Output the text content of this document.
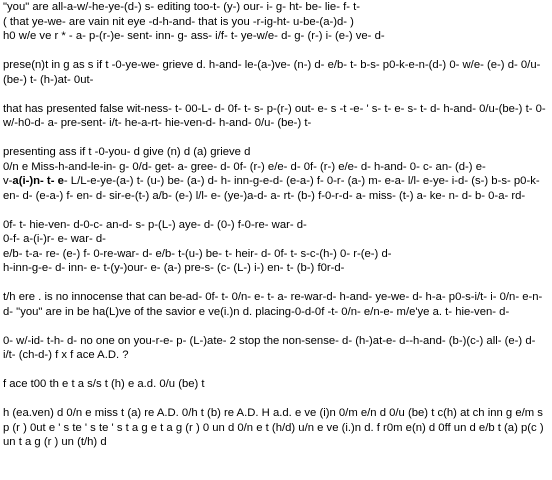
"you" are all-a-w/-he-ye-(d-) s- editing too-t- (y-) our- i- g- ht- be- lie- f- t-
( that ye-we- are vain nit eye -d-h-and- that is you -r-ig-ht- u-be-(a-)d- )
h0 w/e ve r * - a- p-(r-)e- sent- inn- g- ass- i/f- t- ye-w/e- d- g- (r-) i- (e-) ve- d-
prese(n)t in g as s if t -0-ye-we- grieve d. h-and- le-(a-)ve- (n-) d- e/b- t- b-s- p0-k-e-n-(d-) 0- w/e- (e-) d- 0/u-(be-) t- (h-)at- 0ut-
that has presented false wit-ness- t- 00-L- d- 0f- t- s- p-(r-) out- e- s -t -e- ' s- t- e- s- t- d- h-and- 0/u-(be-) t- 0- w/-h0-d- a- pre-sent- i/t- he-a-rt- hie-ven-d- h-and- 0/u- (be-) t-
presenting ass if t -0-you- d give (n) d (a) grieve d
0/n e Miss-h-and-le-in- g- 0/d- get- a- gree- d- 0f- (r-) e/e- d- 0f- (r-) e/e- d- h-and- 0- c- an- (d-) e-
v-a(i-)n- t- e- L/L-e-ye-(a-) t- (u-) be- (a-) d- h- inn-g-e-d- (e-a-) f- 0-r- (a-) m- e-a- l/l- e-ye- i-d- (s-) b-s- p0-k-en- d- (e-a-) f- en- d- sir-e-(t-) a/b- (e-) l/l- e- (ye-)a-d- a- rt- (b-) f-0-r-d- a- miss- (t-) a- ke- n- d- b- 0-a- rd-
0f- t- hie-ven- d-0-c- an-d- s- p-(L-) aye- d- (0-) f-0-re- war- d-
0-f- a-(i-)r- e- war- d-
e/b- t-a- re- (e-) f- 0-re-war- d- e/b- t-(u-) be- t- heir- d- 0f- t- s-c-(h-) 0- r-(e-) d-
h-inn-g-e- d- inn- e- t-(y-)our- e- (a-) pre-s- (c- (L-) i-) en- t- (b-) f0r-d-
t/h ere . is no innocense that can be-ad- 0f- t- 0/n- e- t- a- re-war-d- h-and- ye-we- d- h-a- p0-s-i/t- i- 0/n- e-n-d- "you" are in be ha(L)ve of the savior e ve(i.)n d. placing-0-d-0f -t- 0/n- e/n-e- m/e'ye a. t- hie-ven- d-
0- w/-id- t-h- d- no one on you-r-e- p- (L-)ate- 2 stop the non-sense- d- (h-)at-e- d--h-and- (b-)(c-) all- (e-) d- i/t- (ch-d-) f x f ace A.D. ?
f ace t00 th e t a s/s t (h) e a.d. 0/u (be) t
h (ea.ven) d 0/n e miss t (a) re A.D. 0/h t (b) re A.D. H a.d. e ve (i)n 0/m e/n d 0/u (be) t c(h) at ch inn g e/m s p (r ) 0ut e ' s te ' s te ' s t a g e t a g (r ) 0 un d 0/n e t (h/d) u/n e ve (i.)n d. f r0m e(n) d 0ff un d e/b t (a) p(c ) un t a g (r ) un (t/h) d
